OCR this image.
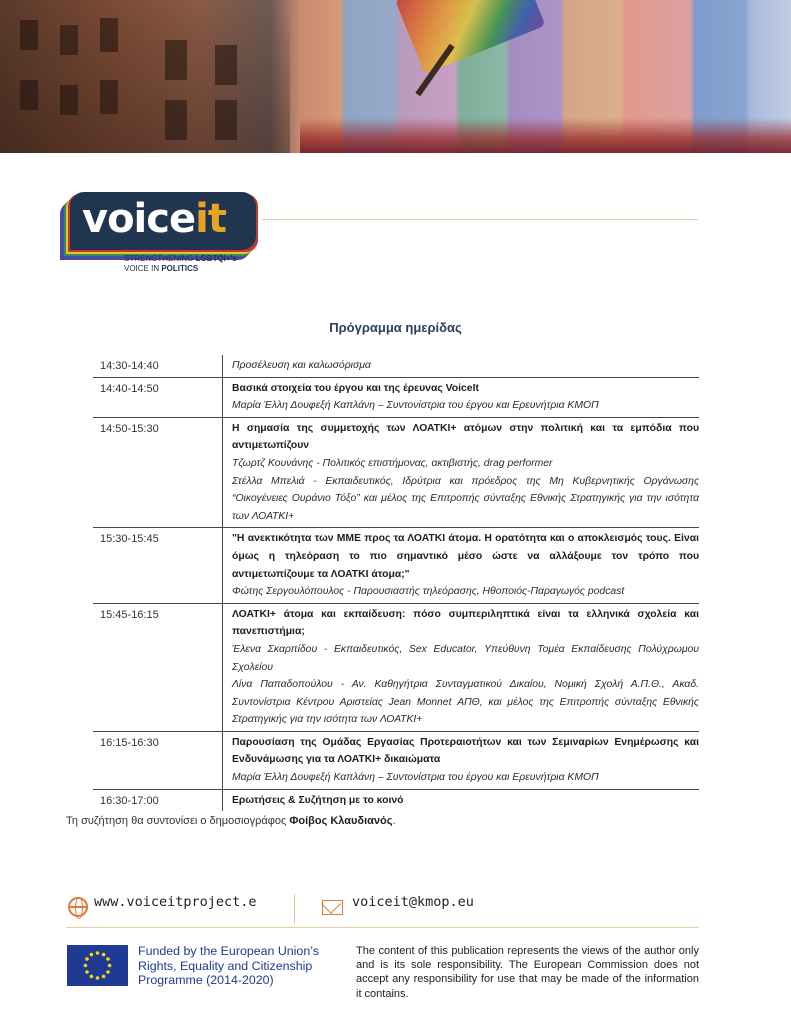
voiceit
STRENGTHENING LGBTQI+'s
VOICE IN POLITICS
Πρόγραμμα ημερίδας
14:30-14:40	Προσέλευση και καλωσόρισμα
14:40-14:50	Βασικά στοιχεία του έργου και της έρευνας VoiceIt
Μαρία Έλλη Δουφεξή Καπλάνη – Συντονίστρια του έργου και Ερευνήτρια ΚΜΟΠ
14:50-15:30	Η σημασία της συμμετοχής των ΛΟΑΤΚΙ+ ατόμων στην πολιτική και τα εμπόδια που αντιμετωπίζουν
Τζωρτζ Κουνάνης - Πολιτικός επιστήμονας, ακτιβιστής, drag performer
Στέλλα Μπελιά - Εκπαιδευτικός, Ιδρύτρια και πρόεδρος της Μη Κυβερνητικής Οργάνωσης “Οικογένειες Ουράνιο Τόξο” και μέλος της Επιτροπής σύνταξης Εθνικής Στρατηγικής για την ισότητα των ΛΟΑΤΚΙ+
15:30-15:45	"Η ανεκτικότητα των ΜΜΕ προς τα ΛΟΑΤΚΙ άτομα. Η ορατότητα και ο αποκλεισμός τους. Είναι όμως η τηλεόραση το πιο σημαντικό μέσο ώστε να αλλάξουμε τον τρόπο που αντιμετωπίζουμε τα ΛΟΑΤΚΙ άτομα;"
Φώτης Σεργουλόπουλος - Παρουσιαστής τηλεόρασης, Ηθοποιός-Παραγωγός podcast
15:45-16:15	ΛΟΑΤΚΙ+ άτομα και εκπαίδευση: πόσο συμπεριληπτικά είναι τα ελληνικά σχολεία και πανεπιστήμια;
Έλενα Σκαρπίδου - Εκπαιδευτικός, Sex Educator, Υπεύθυνη Τομέα Εκπαίδευσης Πολύχρωμου Σχολείου
Λίνα Παπαδοπούλου - Αν. Καθηγήτρια Συνταγματικού Δικαίου, Νομική Σχολή Α.Π.Θ., Ακαδ. Συντονίστρια Κέντρου Αριστείας Jean Monnet ΑΠΘ, και μέλος της Επιτροπής σύνταξης Εθνικής Στρατηγικής για την ισότητα των ΛΟΑΤΚΙ+
16:15-16:30	Παρουσίαση της Ομάδας Εργασίας Προτεραιοτήτων και των Σεμιναρίων Ενημέρωσης και Ενδυνάμωσης για τα ΛΟΑΤΚΙ+ δικαιώματα
Μαρία Έλλη Δουφεξή Καπλάνη – Συντονίστρια του έργου και Ερευνήτρια ΚΜΟΠ
16:30-17:00	Ερωτήσεις & Συζήτηση με το κοινό
Τη συζήτηση θα συντονίσει ο δημοσιογράφος Φοίβος Κλαυδιανός.
www.voiceitproject.e	voiceit@kmop.eu
Funded by the European Union’s
Rights, Equality and Citizenship
Programme (2014-2020)
The content of this publication represents the views of the author only and is its sole responsibility. The European Commission does not accept any responsibility for use that may be made of the information it contains.
